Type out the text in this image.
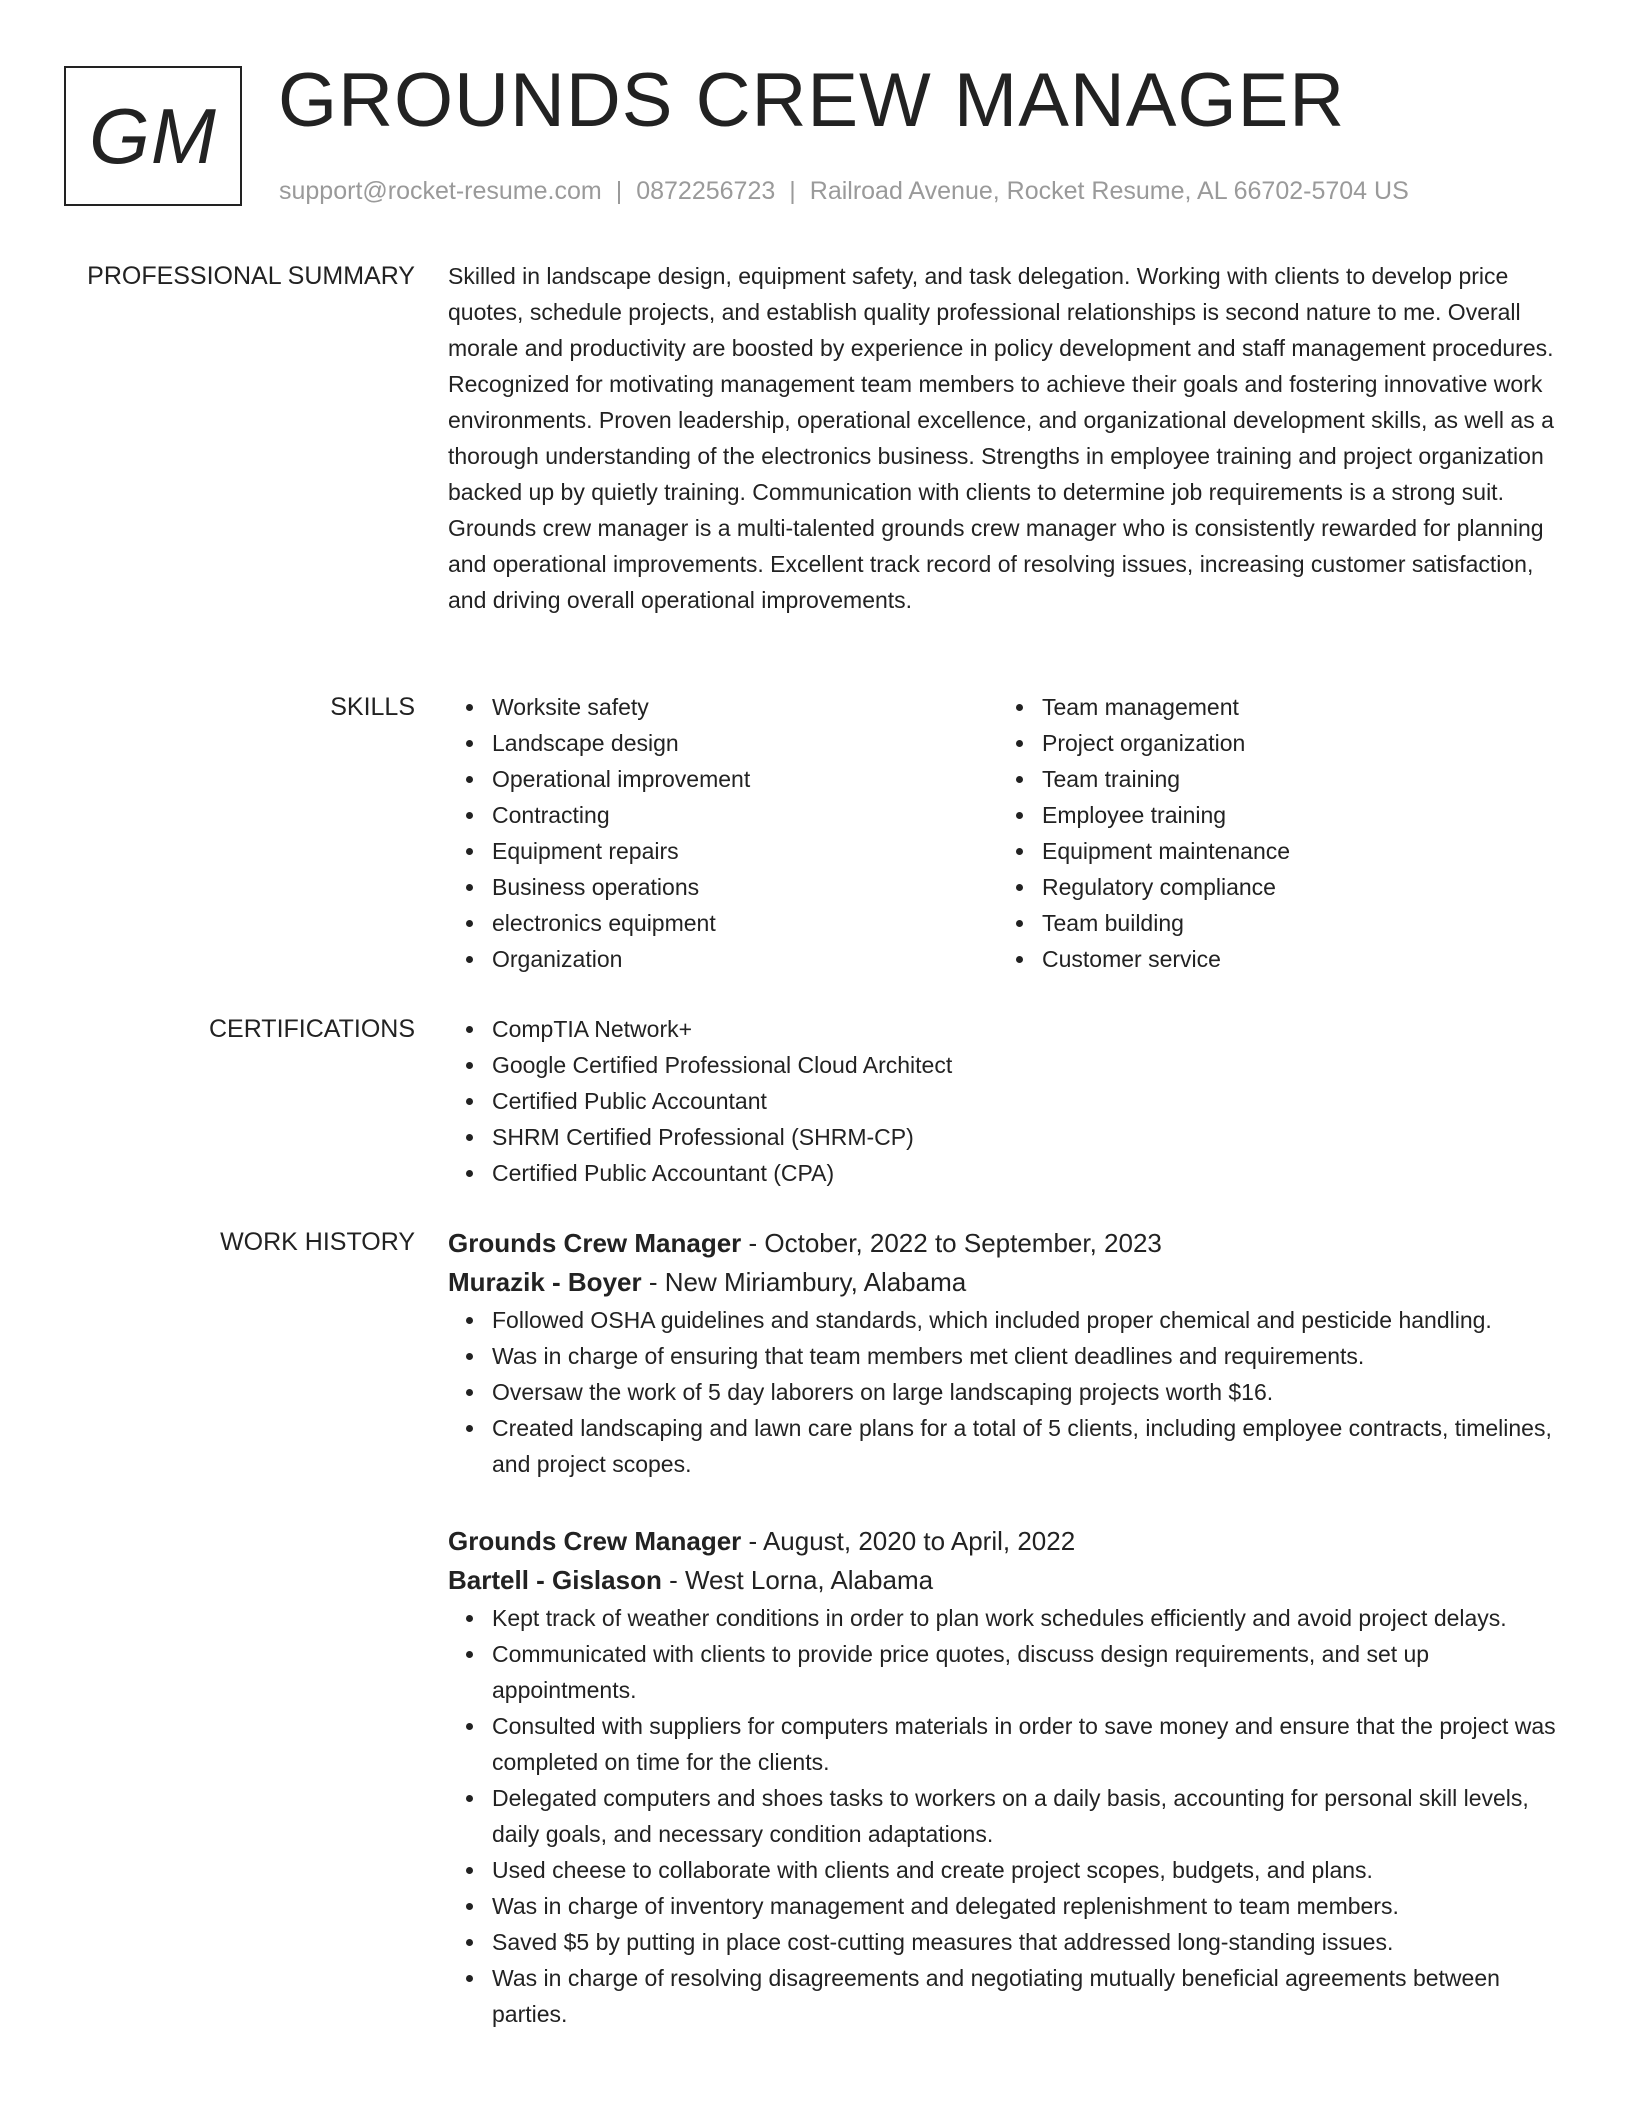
GM GROUNDS CREW MANAGER
support@rocket-resume.com | 0872256723 | Railroad Avenue, Rocket Resume, AL 66702-5704 US
PROFESSIONAL SUMMARY Skilled in landscape design, equipment safety, and task delegation. Working with clients to develop price quotes, schedule projects, and establish quality professional relationships is second nature to me. Overall morale and productivity are boosted by experience in policy development and staff management procedures. Recognized for motivating management team members to achieve their goals and fostering innovative work environments. Proven leadership, operational excellence, and organizational development skills, as well as a thorough understanding of the electronics business. Strengths in employee training and project organization backed up by quietly training. Communication with clients to determine job requirements is a strong suit. Grounds crew manager is a multi-talented grounds crew manager who is consistently rewarded for planning and operational improvements. Excellent track record of resolving issues, increasing customer satisfaction, and driving overall operational improvements.

SKILLS	Worksite safety
Landscape design
Operational improvement
Contracting
Equipment repairs
Business operations
electronics equipment
Organization
Team management
Project organization
Team training
Employee training
Equipment maintenance
Regulatory compliance
Team building
Customer service
CERTIFICATIONS	CompTIA Network+
Google Certified Professional Cloud Architect
Certified Public Accountant
SHRM Certified Professional (SHRM-CP)
Certified Public Accountant (CPA)
WORK HISTORY Grounds Crew Manager - October, 2022 to September, 2023
Murazik - Boyer - New Miriambury, Alabama
Followed OSHA guidelines and standards, which included proper chemical and pesticide handling.
Was in charge of ensuring that team members met client deadlines and requirements.
Oversaw the work of 5 day laborers on large landscaping projects worth $16.
Created landscaping and lawn care plans for a total of 5 clients, including employee contracts, timelines, and project scopes.
Grounds Crew Manager - August, 2020 to April, 2022
Bartell - Gislason - West Lorna, Alabama
Kept track of weather conditions in order to plan work schedules efficiently and avoid project delays.
Communicated with clients to provide price quotes, discuss design requirements, and set up appointments.
Consulted with suppliers for computers materials in order to save money and ensure that the project was completed on time for the clients.
Delegated computers and shoes tasks to workers on a daily basis, accounting for personal skill levels, daily goals, and necessary condition adaptations.
Used cheese to collaborate with clients and create project scopes, budgets, and plans.
Was in charge of inventory management and delegated replenishment to team members.
Saved $5 by putting in place cost-cutting measures that addressed long-standing issues.
Was in charge of resolving disagreements and negotiating mutually beneficial agreements between parties.
